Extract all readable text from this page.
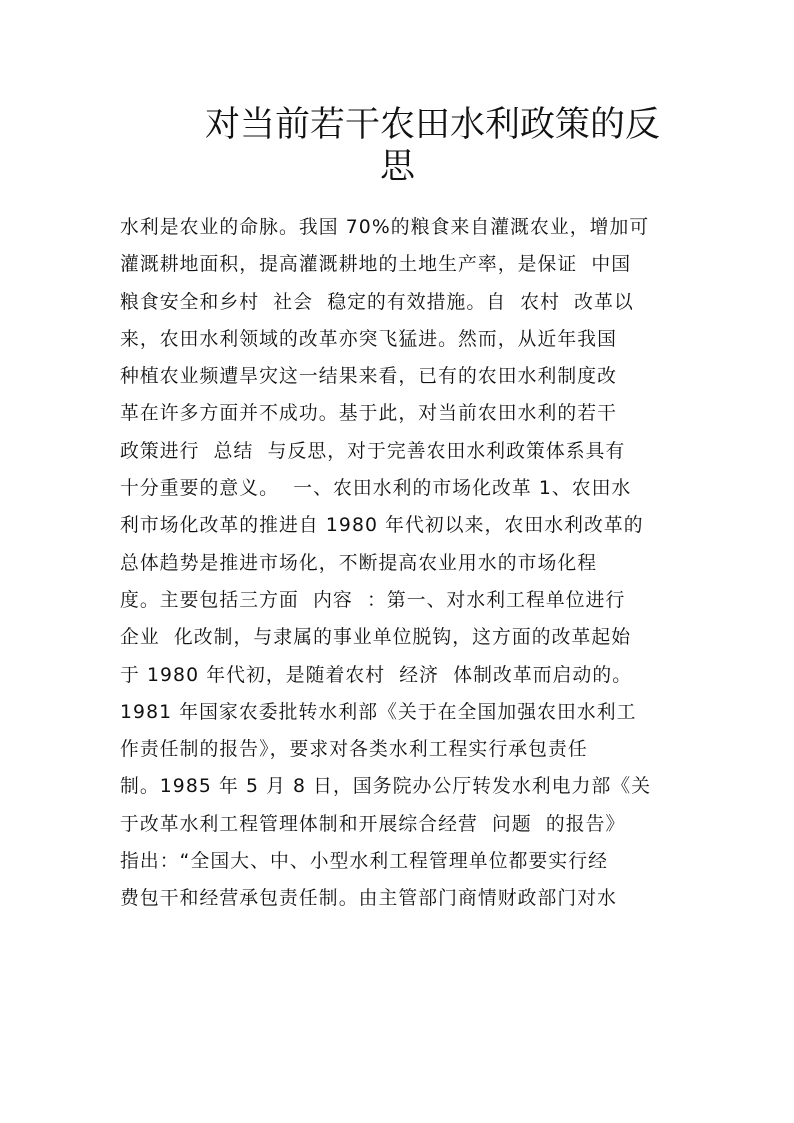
对当前若干农田水利政策的反
思
水利是农业的命脉。我国 70%的粮食来自灌溉农业，增加可
灌溉耕地面积，提高灌溉耕地的土地生产率，是保证  中国
粮食安全和乡村  社会  稳定的有效措施。自  农村  改革以
来，农田水利领域的改革亦突飞猛进。然而，从近年我国
种植农业频遭旱灾这一结果来看，已有的农田水利制度改
革在许多方面并不成功。基于此，对当前农田水利的若干
政策进行  总结  与反思，对于完善农田水利政策体系具有
十分重要的意义。  一、农田水利的市场化改革 1、农田水
利市场化改革的推进自 1980 年代初以来，农田水利改革的
总体趋势是推进市场化，不断提高农业用水的市场化程
度。主要包括三方面  内容  ：第一、对水利工程单位进行
企业  化改制，与隶属的事业单位脱钩，这方面的改革起始
于 1980 年代初，是随着农村  经济  体制改革而启动的。
1981 年国家农委批转水利部《关于在全国加强农田水利工
作责任制的报告》，要求对各类水利工程实行承包责任
制。1985 年 5 月 8 日，国务院办公厅转发水利电力部《关
于改革水利工程管理体制和开展综合经营  问题  的报告》
指出：“全国大、中、小型水利工程管理单位都要实行经
费包干和经营承包责任制。由主管部门商情财政部门对水
